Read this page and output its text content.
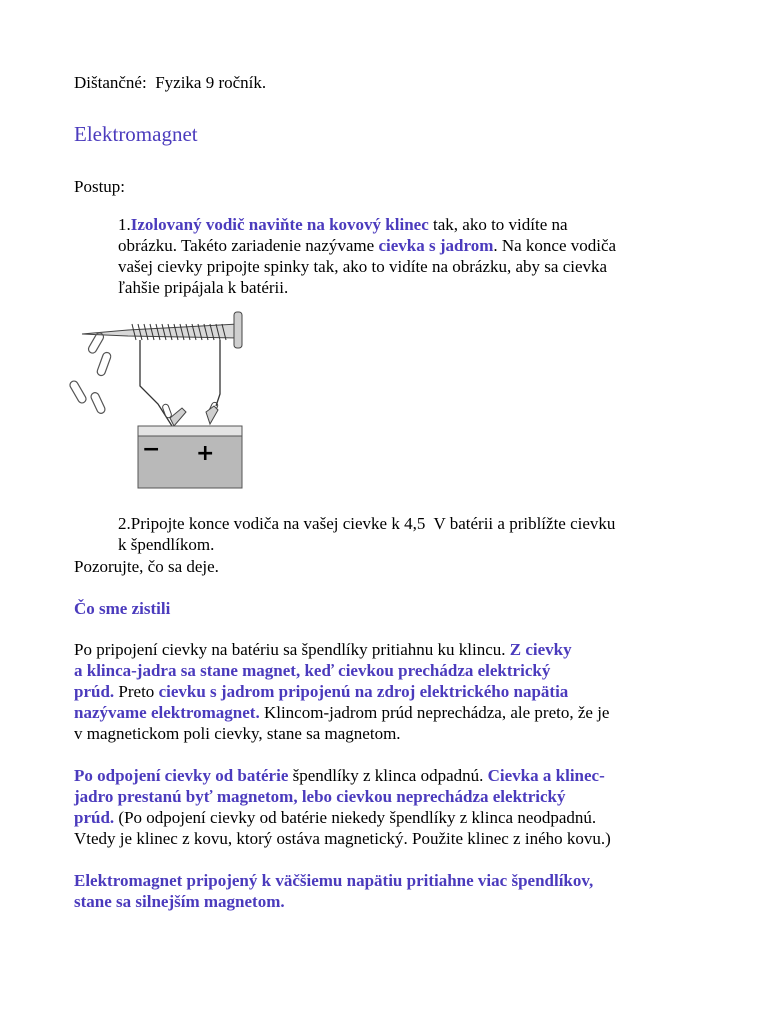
Dištančné:  Fyzika 9 ročník.
Elektromagnet
Postup:
1.Izolovaný vodič naviňte na kovový klinec tak, ako to vidíte na
obrázku. Takéto zariadenie nazývame cievka s jadrom. Na konce vodiča
vašej cievky pripojte spinky tak, ako to vidíte na obrázku, aby sa cievka
ľahšie pripájala k batérii.
− +
2.Pripojte konce vodiča na vašej cievke k 4,5  V batérii a priblížte cievku
k špendlíkom.
Pozorujte, čo sa deje.
Čo sme zistili
Po pripojení cievky na batériu sa špendlíky pritiahnu ku klincu. Z cievky
a klinca-jadra sa stane magnet, keď cievkou prechádza elektrický
prúd. Preto cievku s jadrom pripojenú na zdroj elektrického napätia
nazývame elektromagnet. Klincom-jadrom prúd neprechádza, ale preto, že je
v magnetickom poli cievky, stane sa magnetom.
Po odpojení cievky od batérie špendlíky z klinca odpadnú. Cievka a klinec-
jadro prestanú byť magnetom, lebo cievkou neprechádza elektrický
prúd. (Po odpojení cievky od batérie niekedy špendlíky z klinca neodpadnú.
Vtedy je klinec z kovu, ktorý ostáva magnetický. Použite klinec z iného kovu.)
Elektromagnet pripojený k väčšiemu napätiu pritiahne viac špendlíkov,
stane sa silnejším magnetom.
